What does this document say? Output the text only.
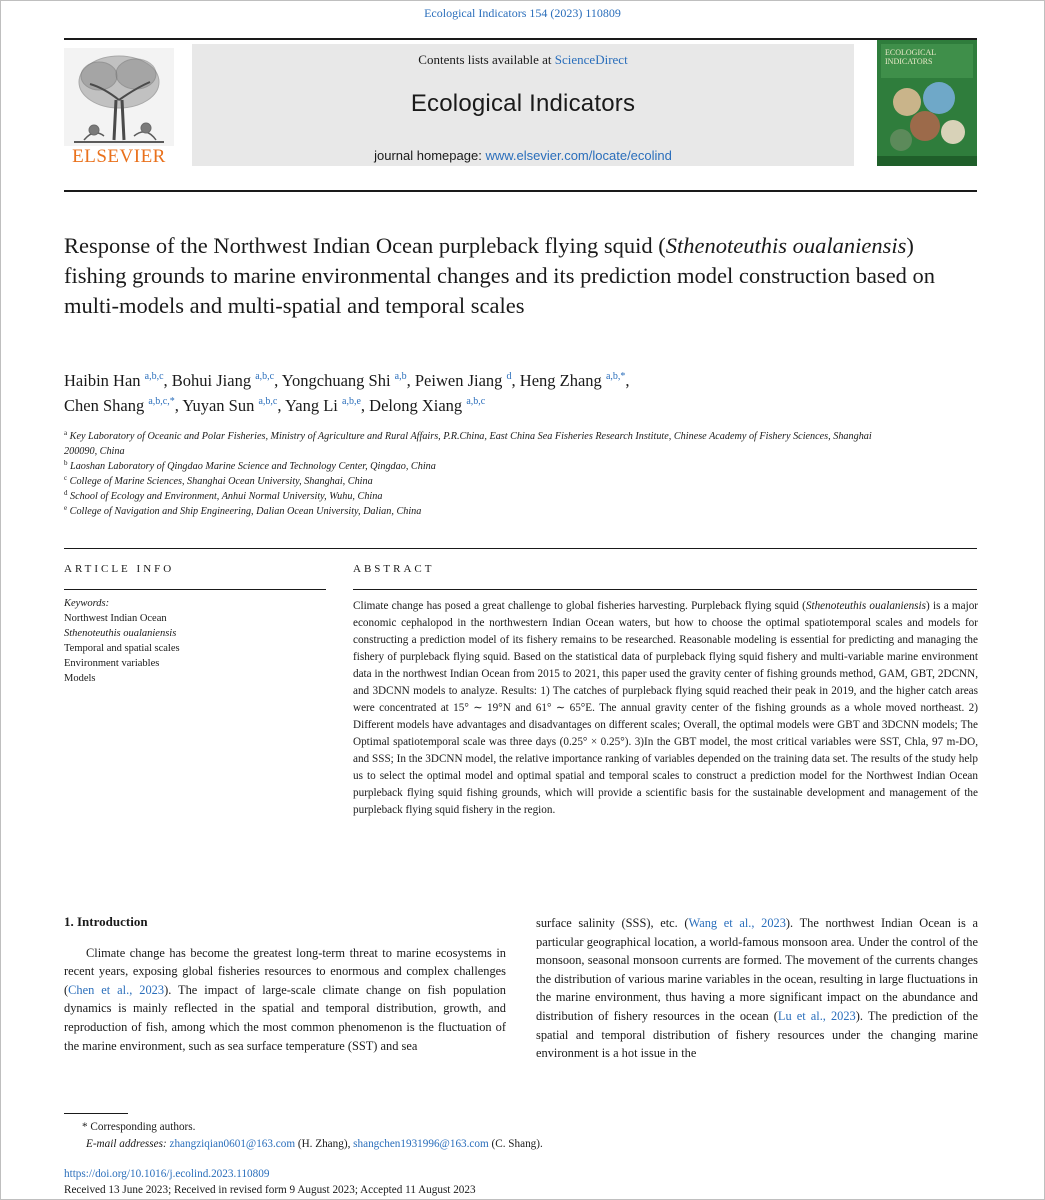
Ecological Indicators 154 (2023) 110809
ELSEVIER
Contents lists available at ScienceDirect
Ecological Indicators
journal homepage: www.elsevier.com/locate/ecolind
ECOLOGICAL
INDICATORS
Response of the Northwest Indian Ocean purpleback flying squid (Sthenoteuthis oualaniensis) fishing grounds to marine environmental changes and its prediction model construction based on multi-models and multi-spatial and temporal scales
Haibin Han $^{a,b,c}$, Bohui Jiang $^{a,b,c}$, Yongchuang Shi $^{a,b}$, Peiwen Jiang $^d$, Heng Zhang $^{a,b,*}$,
Chen Shang $^{a,b,c,*}$, Yuyan Sun $^{a,b,c}$, Yang Li $^{a,b,e}$, Delong Xiang $^{a,b,c}$
$^a$ Key Laboratory of Oceanic and Polar Fisheries, Ministry of Agriculture and Rural Affairs, P.R.China, East China Sea Fisheries Research Institute, Chinese Academy of Fishery Sciences, Shanghai 200090, China
$^b$ Laoshan Laboratory of Qingdao Marine Science and Technology Center, Qingdao, China
$^c$ College of Marine Sciences, Shanghai Ocean University, Shanghai, China
$^d$ School of Ecology and Environment, Anhui Normal University, Wuhu, China
$^e$ College of Navigation and Ship Engineering, Dalian Ocean University, Dalian, China
ARTICLE INFO	ABSTRACT
Keywords:
Northwest Indian Ocean
Sthenoteuthis oualaniensis
Temporal and spatial scales
Environment variables
Models
Climate change has posed a great challenge to global fisheries harvesting. Purpleback flying squid (Sthenoteuthis oualaniensis) is a major economic cephalopod in the northwestern Indian Ocean waters, but how to choose the optimal spatiotemporal scales and models for constructing a prediction model of its fishery remains to be researched. Reasonable modeling is essential for predicting and managing the fishery of purpleback flying squid. Based on the statistical data of purpleback flying squid fishery and multi-variable marine environment data in the northwest Indian Ocean from 2015 to 2021, this paper used the gravity center of fishing grounds method, GAM, GBT, 2DCNN, and 3DCNN models to analyze. Results: 1) The catches of purpleback flying squid reached their peak in 2019, and the higher catch areas were concentrated at 15° ∼ 19°N and 61° ∼ 65°E. The annual gravity center of the fishing grounds as a whole moved northeast. 2) Different models have advantages and disadvantages on different scales; Overall, the optimal models were GBT and 3DCNN models; The Optimal spatiotemporal scale was three days (0.25° × 0.25°). 3)In the GBT model, the most critical variables were SST, Chla, 97 m-DO, and SSS; In the 3DCNN model, the relative importance ranking of variables depended on the training data set. The results of the study help us to select the optimal model and optimal spatial and temporal scales to construct a prediction model for the Northwest Indian Ocean purpleback flying squid fishing grounds, which will provide a scientific basis for the sustainable development and management of the purpleback flying squid fishery in the region.
1. Introduction

Climate change has become the greatest long-term threat to marine ecosystems in recent years, exposing global fisheries resources to enormous and complex challenges (Chen et al., 2023). The impact of large-scale climate change on fish population dynamics is mainly reflected in the spatial and temporal distribution, growth, and reproduction of fish, among which the most common phenomenon is the fluctuation of the marine environment, such as sea surface temperature (SST) and sea

surface salinity (SSS), etc. (Wang et al., 2023). The northwest Indian Ocean is a particular geographical location, a world-famous monsoon area. Under the control of the monsoon, seasonal monsoon currents are formed. The movement of the currents changes the distribution of various marine variables in the ocean, resulting in large fluctuations in the marine environment, thus having a more significant impact on the abundance and distribution of fishery resources in the ocean (Lu et al., 2023). The prediction of the spatial and temporal distribution of fishery resources under the changing marine environment is a hot issue in the

* Corresponding authors.
E-mail addresses: zhangziqian0601@163.com (H. Zhang), shangchen1931996@163.com (C. Shang).
https://doi.org/10.1016/j.ecolind.2023.110809
Received 13 June 2023; Received in revised form 9 August 2023; Accepted 11 August 2023
